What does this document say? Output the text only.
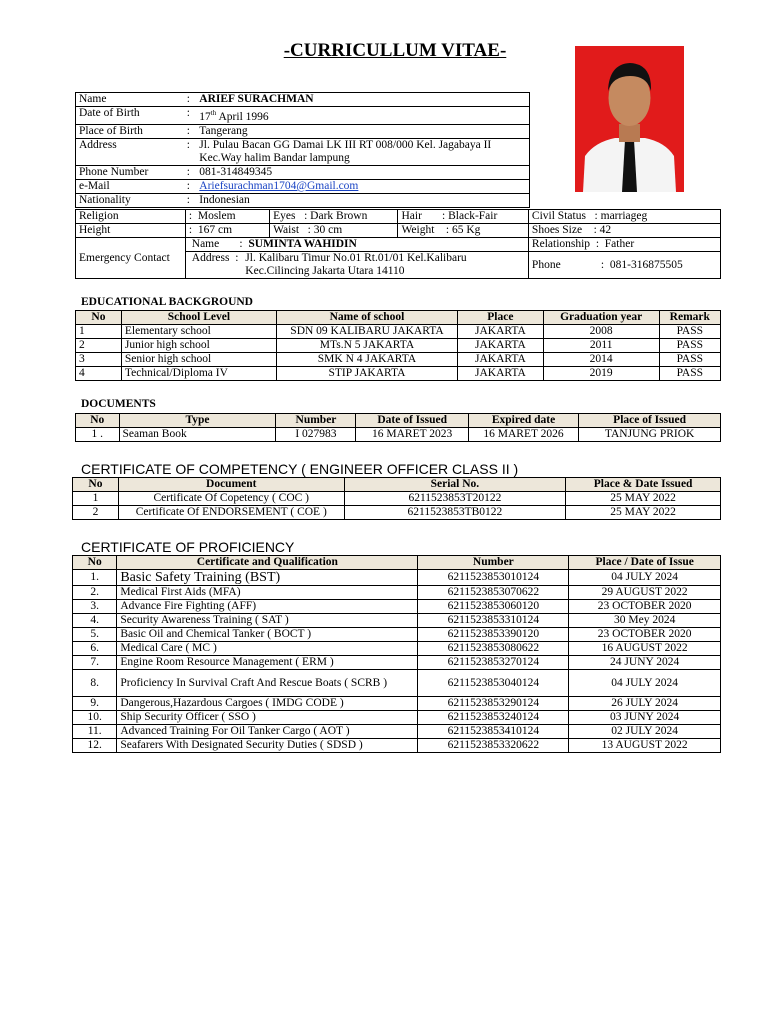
-CURRICULLUM VITAE-
Name	:	ARIEF SURACHMAN
Date of Birth	:	17th April 1996
Place of Birth	:	Tangerang
Address	:	Jl. Pulau Bacan GG Damai LK III RT 008/000 Kel. Jagabaya II Kec.Way halim Bandar lampung
Phone Number	:	081-314849345
e-Mail	:	Ariefsurachman1704@Gmail.com
Nationality	:	Indonesian
Religion	:  Moslem	Eyes   : Dark Brown	Hair       : Black-Fair	Civil Status   : marriageg
Height	:  167 cm	Waist   : 30 cm	Weight    : 65 Kg	Shoes Size    : 42
Emergency Contact	Name       :  SUMINTA WAHIDIN			Relationship  :  Father

	Address  : Jl. Kalibaru Timur No.01 Rt.01/01 Kel.Kalibaru Kec.Cilincing Jakarta Utara 14110			Phone              :  081-316875505
EDUCATIONAL BACKGROUND
No	School Level	Name of school	Place	Graduation year	Remark
1	Elementary school	SDN 09 KALIBARU JAKARTA	JAKARTA	2008	PASS
2	Junior high school	MTs.N 5 JAKARTA	JAKARTA	2011	PASS
3	Senior high school	SMK N 4 JAKARTA	JAKARTA	2014	PASS
4	Technical/Diploma IV	STIP JAKARTA	JAKARTA	2019	PASS
DOCUMENTS
No	Type	Number	Date of Issued	Expired date	Place of Issued
1 .	Seaman Book	I 027983	16 MARET 2023	16 MARET 2026	TANJUNG PRIOK
CERTIFICATE OF COMPETENCY ( ENGINEER OFFICER CLASS II )
No	Document	Serial No.	Place & Date Issued
1	Certificate Of Copetency ( COC )	6211523853T20122	25 MAY 2022
2	Certificate Of ENDORSEMENT ( COE )	6211523853TB0122	25 MAY 2022
CERTIFICATE OF PROFICIENCY
No	Certificate and Qualification	Number	Place / Date of Issue
1.	Basic Safety Training (BST)	6211523853010124	04 JULY 2024
2.	Medical First Aids (MFA)	6211523853070622	29 AUGUST 2022
3.	Advance Fire Fighting (AFF)	6211523853060120	23 OCTOBER 2020
4.	Security Awareness Training ( SAT )	6211523853310124	30 Mey 2024
5.	Basic Oil and Chemical Tanker ( BOCT )	6211523853390120	23 OCTOBER 2020
6.	Medical Care ( MC )	6211523853080622	16 AUGUST 2022
7.	Engine Room Resource Management ( ERM )	6211523853270124	24 JUNY 2024
8.	Proficiency In Survival Craft And Rescue Boats ( SCRB )	6211523853040124	04 JULY 2024
9.	Dangerous,Hazardous Cargoes ( IMDG CODE )	6211523853290124	26 JULY 2024
10.	Ship Security Officer ( SSO )	6211523853240124	03 JUNY 2024
11.	Advanced Training For Oil Tanker Cargo ( AOT )	6211523853410124	02 JULY 2024
12.	Seafarers With Designated Security Duties ( SDSD )	6211523853320622	13 AUGUST 2022
